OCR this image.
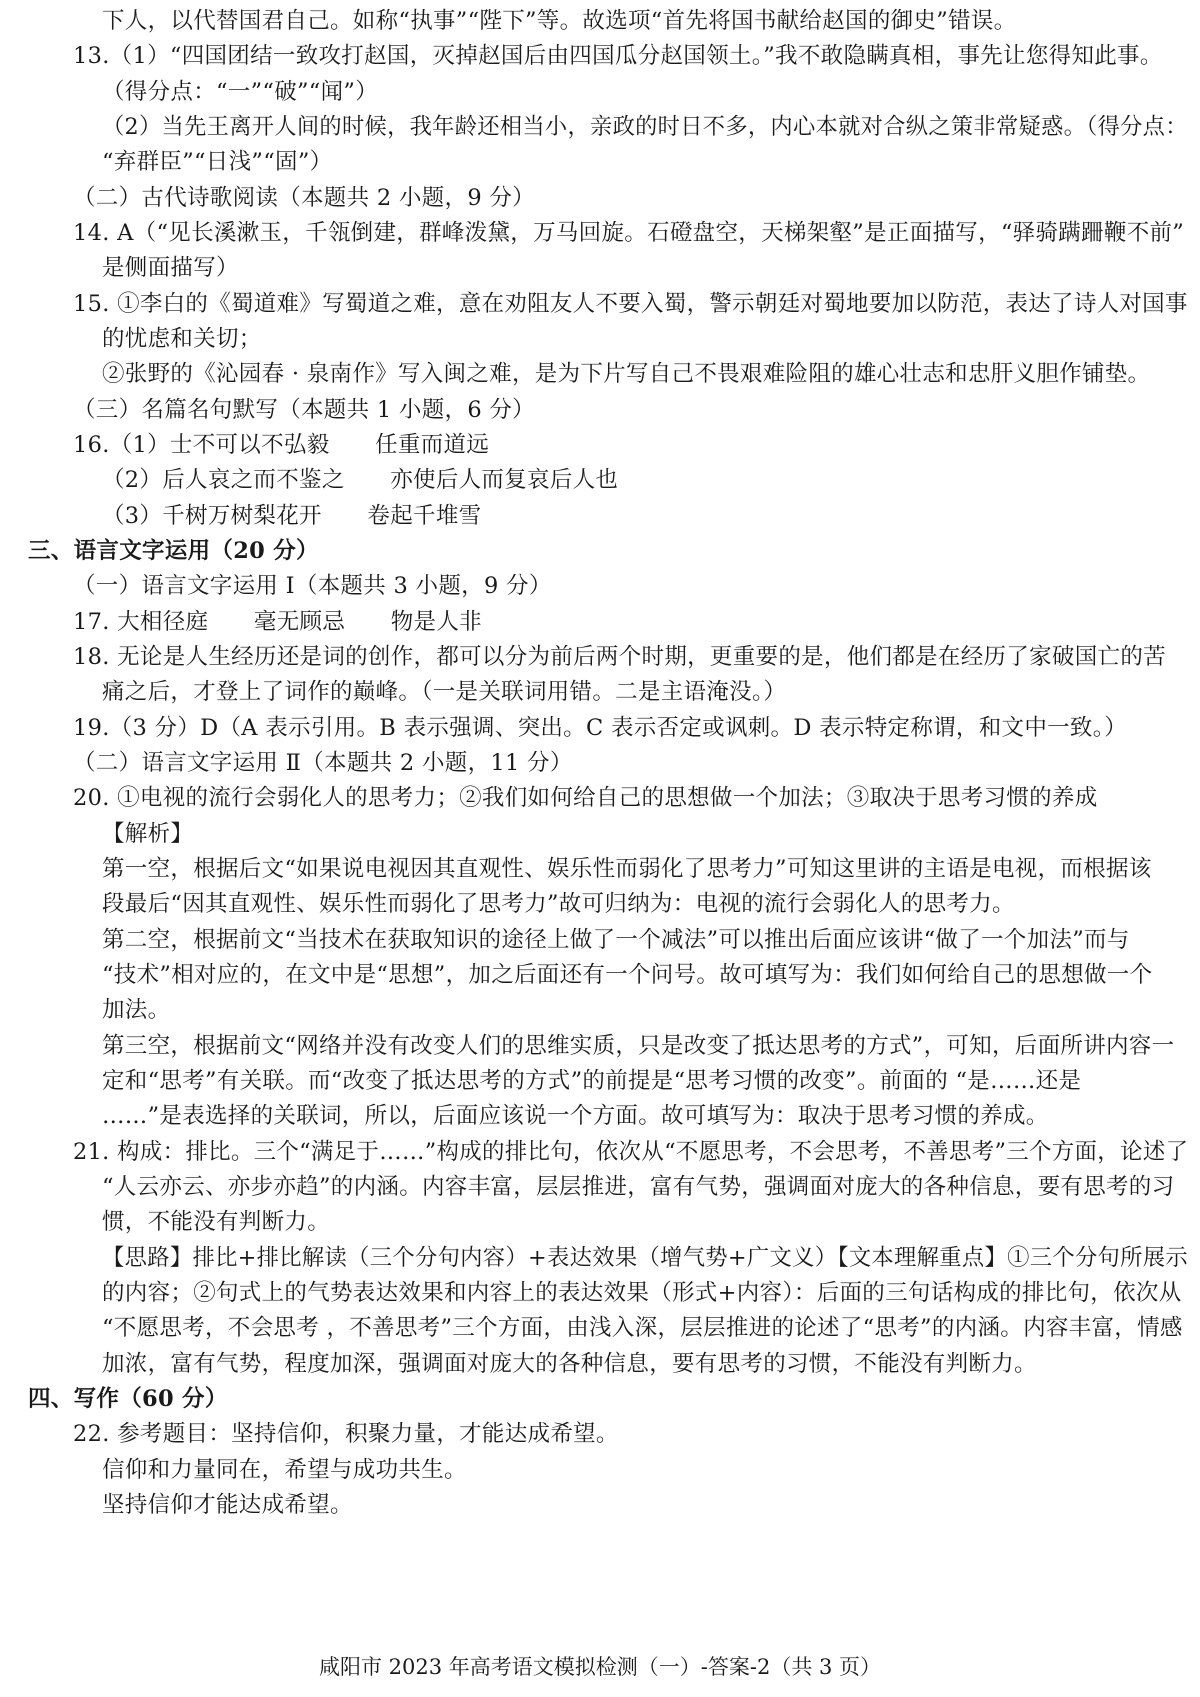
下人，以代替国君自己。如称“执事”“陛下”等。故选项“首先将国书献给赵国的御史”错误。
13.（1）“四国团结一致攻打赵国，灭掉赵国后由四国瓜分赵国领土。”我不敢隐瞒真相，事先让您得知此事。
（得分点：“一”“破”“闻”）
（2）当先王离开人间的时候，我年龄还相当小，亲政的时日不多，内心本就对合纵之策非常疑惑。（得分点：
“弃群臣”“日浅”“固”）
（二）古代诗歌阅读（本题共 2 小题，9 分）
14. A（“见长溪漱玉，千瓴倒建，群峰泼黛，万马回旋。石磴盘空，天梯架壑”是正面描写，“驿骑蹒跚鞭不前”
是侧面描写）
15. ①李白的《蜀道难》写蜀道之难，意在劝阻友人不要入蜀，警示朝廷对蜀地要加以防范，表达了诗人对国事
的忧虑和关切；
②张野的《沁园春 · 泉南作》写入闽之难，是为下片写自己不畏艰难险阻的雄心壮志和忠肝义胆作铺垫。
（三）名篇名句默写（本题共 1 小题，6 分）
16.（1）士不可以不弘毅　　任重而道远
（2）后人哀之而不鉴之　　亦使后人而复哀后人也
（3）千树万树梨花开　　卷起千堆雪
三、语言文字运用（20 分）
（一）语言文字运用 Ⅰ（本题共 3 小题，9 分）
17. 大相径庭　　毫无顾忌　　物是人非
18. 无论是人生经历还是词的创作，都可以分为前后两个时期，更重要的是，他们都是在经历了家破国亡的苦
痛之后，才登上了词作的巅峰。（一是关联词用错。二是主语淹没。）
19.（3 分）D（A 表示引用。B 表示强调、突出。C 表示否定或讽刺。D 表示特定称谓，和文中一致。）
（二）语言文字运用 Ⅱ（本题共 2 小题，11 分）
20. ①电视的流行会弱化人的思考力；②我们如何给自己的思想做一个加法；③取决于思考习惯的养成
【解析】
第一空，根据后文“如果说电视因其直观性、娱乐性而弱化了思考力”可知这里讲的主语是电视，而根据该
段最后“因其直观性、娱乐性而弱化了思考力”故可归纳为：电视的流行会弱化人的思考力。
第二空，根据前文“当技术在获取知识的途径上做了一个减法”可以推出后面应该讲“做了一个加法”而与
“技术”相对应的，在文中是“思想”，加之后面还有一个问号。故可填写为：我们如何给自己的思想做一个
加法。
第三空，根据前文“网络并没有改变人们的思维实质，只是改变了抵达思考的方式”，可知，后面所讲内容一
定和“思考”有关联。而“改变了抵达思考的方式”的前提是“思考习惯的改变”。前面的 “是……还是
……”是表选择的关联词，所以，后面应该说一个方面。故可填写为：取决于思考习惯的养成。
21. 构成：排比。三个“满足于……”构成的排比句，依次从“不愿思考，不会思考，不善思考”三个方面，论述了
“人云亦云、亦步亦趋”的内涵。内容丰富，层层推进，富有气势，强调面对庞大的各种信息，要有思考的习
惯，不能没有判断力。
【思路】排比+排比解读（三个分句内容）+表达效果（增气势+广文义）【文本理解重点】①三个分句所展示
的内容；②句式上的气势表达效果和内容上的表达效果（形式+内容）：后面的三句话构成的排比句，依次从
“不愿思考，不会思考 ，不善思考”三个方面，由浅入深，层层推进的论述了“思考”的内涵。内容丰富，情感
加浓，富有气势，程度加深，强调面对庞大的各种信息，要有思考的习惯，不能没有判断力。
四、写作（60 分）
22. 参考题目：坚持信仰，积聚力量，才能达成希望。
信仰和力量同在，希望与成功共生。
坚持信仰才能达成希望。
咸阳市 2023 年高考语文模拟检测（一）-答案-2（共 3 页）
